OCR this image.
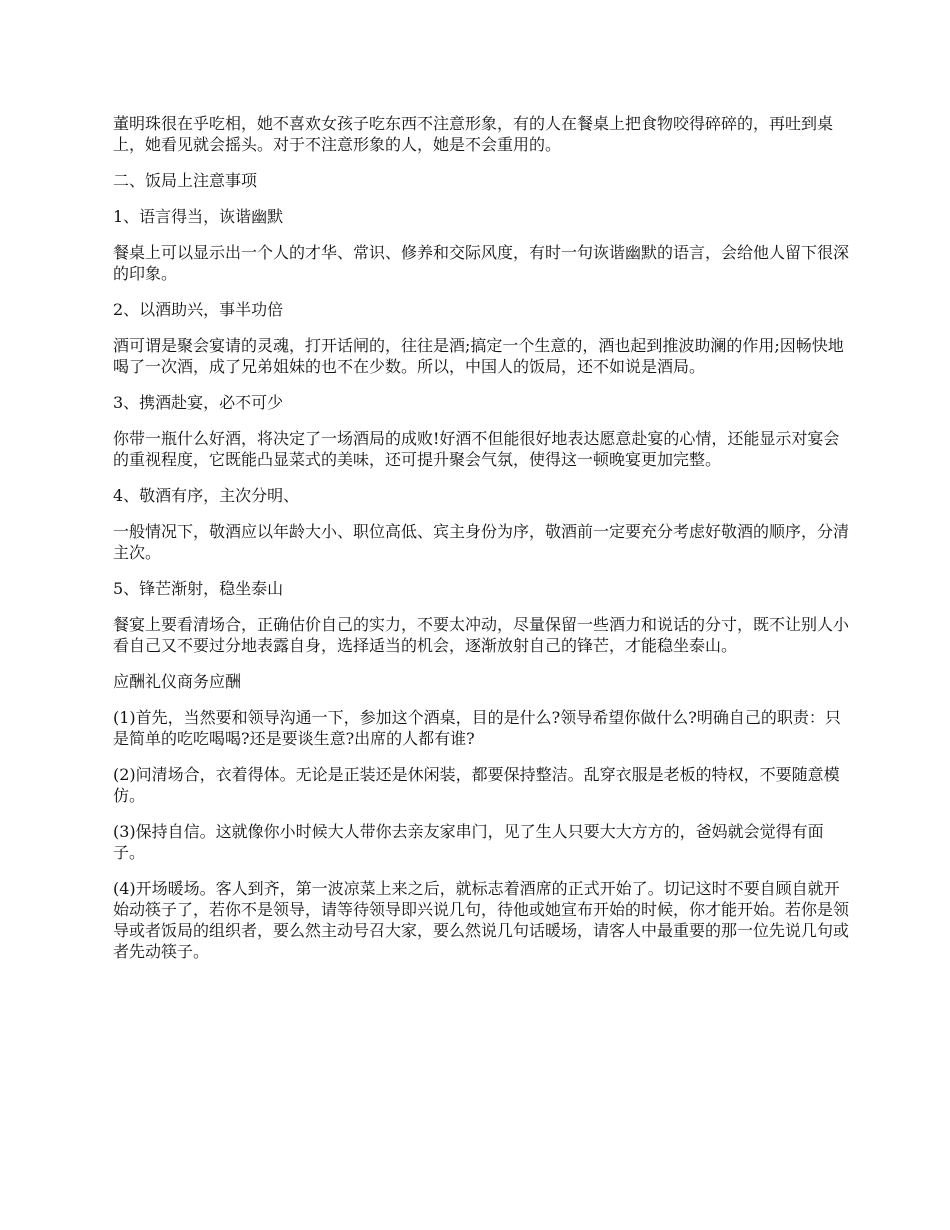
董明珠很在乎吃相，她不喜欢女孩子吃东西不注意形象，有的人在餐桌上把食物咬得碎碎的，再吐到桌上，她看见就会摇头。对于不注意形象的人，她是不会重用的。

二、饭局上注意事项

1、语言得当，诙谐幽默

餐桌上可以显示出一个人的才华、常识、修养和交际风度，有时一句诙谐幽默的语言，会给他人留下很深的印象。

2、以酒助兴，事半功倍

酒可谓是聚会宴请的灵魂，打开话闸的，往往是酒;搞定一个生意的，酒也起到推波助澜的作用;因畅快地喝了一次酒，成了兄弟姐妹的也不在少数。所以，中国人的饭局，还不如说是酒局。

3、携酒赴宴，必不可少

你带一瓶什么好酒，将决定了一场酒局的成败!好酒不但能很好地表达愿意赴宴的心情，还能显示对宴会的重视程度，它既能凸显菜式的美味，还可提升聚会气氛，使得这一顿晚宴更加完整。

4、敬酒有序，主次分明、

一般情况下，敬酒应以年龄大小、职位高低、宾主身份为序，敬酒前一定要充分考虑好敬酒的顺序，分清主次。

5、锋芒渐射，稳坐泰山

餐宴上要看清场合，正确估价自己的实力，不要太冲动，尽量保留一些酒力和说话的分寸，既不让别人小看自己又不要过分地表露自身，选择适当的机会，逐渐放射自己的锋芒，才能稳坐泰山。

应酬礼仪商务应酬

(1)首先，当然要和领导沟通一下，参加这个酒桌，目的是什么?领导希望你做什么?明确自己的职责：只是简单的吃吃喝喝?还是要谈生意?出席的人都有谁?

(2)问清场合，衣着得体。无论是正装还是休闲装，都要保持整洁。乱穿衣服是老板的特权，不要随意模仿。

(3)保持自信。这就像你小时候大人带你去亲友家串门，见了生人只要大大方方的，爸妈就会觉得有面子。

(4)开场暖场。客人到齐，第一波凉菜上来之后，就标志着酒席的正式开始了。切记这时不要自顾自就开始动筷子了，若你不是领导，请等待领导即兴说几句，待他或她宣布开始的时候，你才能开始。若你是领导或者饭局的组织者，要么然主动号召大家，要么然说几句话暖场，请客人中最重要的那一位先说几句或者先动筷子。
